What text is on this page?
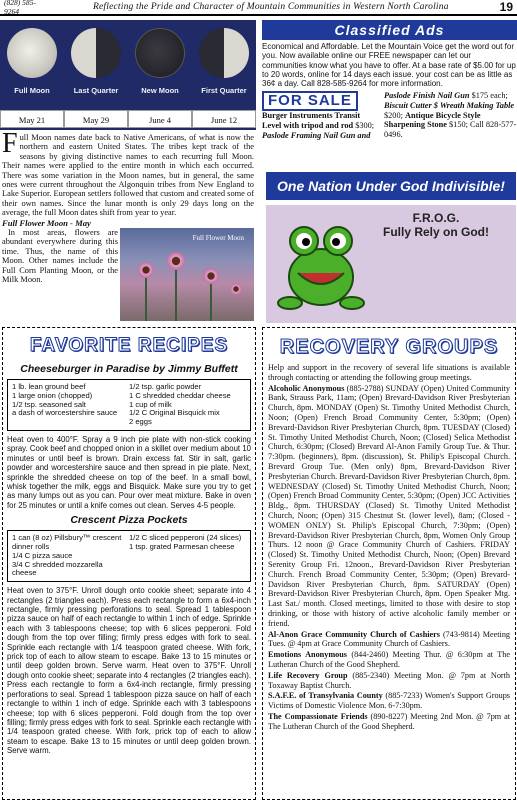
(828) 585-9264	Reflecting the Pride and Character of Mountain Communities in Western North Carolina	19
Full Moon	Last Quarter	New Moon	First Quarter
May 21	May 29	June 4	June 12
F ull Moon names date back to Native Americans, of what is now the northern and eastern United States. The tribes kept track of the seasons by giving distinctive names to each recurring full Moon. Their names were applied to the entire month in which each occurred. There was some variation in the Moon names, but in general, the same ones were current throughout the Algonquin tribes from New England to Lake Superior. European settlers followed that custom and created some of their own names. Since the lunar month is only 29 days long on the average, the full Moon dates shift from year to year.
Full Flower Moon - May
In most areas, flowers are abundant everywhere during this time. Thus, the name of this Moon. Other names include the Full Corn Planting Moon, or the Milk Moon.
Full Flower Moon
Classified Ads
Economical and Affordable. Let the Mountain Voice get the word out for you. Now available online our FREE newspaper can let our communities know what you have to offer. At a base rate of $5.00 for up to 20 words, online for 14 days each issue. your cost can be as little as 36¢ a day. Call 828-585-9264 for more information.
FOR SALE
Burger Instruments Transit Level with tripod and rod $300; Paslode Framing Nail Gun and
Paslode Finish Nail Gun $175 each; Biscuit Cutter $ Wreath Making Table $200; Antique Bicycle Style Sharpening Stone $150; Call 828-577-0496.
One Nation Under God Indivisible!
F.R.O.G.
Fully Rely on God!
FAVORITE RECIPES
Cheeseburger in Paradise by Jimmy Buffett
1 lb. lean ground beef
1 large onion (chopped)
1/2 tsp. seasoned salt
a dash of worcestershire sauce
1/2 tsp. garlic powder
1 C shredded cheddar cheese
1 cup of milk
1/2 C Original Bisquick mix
2 eggs
Heat oven to 400°F. Spray a 9 inch pie plate with non-stick cooking spray. Cook beef and chopped onion in a skillet over medium about 10 minutes or until beef is brown. Drain excess fat. Stir in salt, garlic powder and worcestershire sauce and then spread in pie plate. Next, sprinkle the shredded cheese on top of the beef. In a small bowl, whisk together the milk, eggs and Bisquick. Make sure you try to get as many lumps out as you can. Pour over meat mixture. Bake in oven for 25 minutes or until a knife comes out clean. Serves 4-5 people.
Crescent Pizza Pockets
1 can (8 oz) Pillsbury™ crescent dinner rolls
1/4 C pizza sauce
3/4 C shredded mozzarella cheese
1/2 C sliced pepperoni (24 slices)
1 tsp. grated Parmesan cheese
Heat oven to 375°F. Unroll dough onto cookie sheet; separate into 4 rectangles (2 triangles each). Press each rectangle to form a 6x4-inch rectangle, firmly pressing perforations to seal. Spread 1 tablespoon pizza sauce on half of each rectangle to within 1 inch of edge. Sprinkle each with 3 tablespoons cheese; top with 6 slices pepperoni. Fold dough from the top over filling; firmly press edges with fork to seal. Sprinkle each rectangle with 1/4 teaspoon grated cheese. With fork, prick top of each to allow steam to escape. Bake 13 to 15 minutes or until deep golden brown. Serve warm. Heat oven to 375°F. Unroll dough onto cookie sheet; separate into 4 rectangles (2 triangles each). Press each rectangle to form a 6x4-inch rectangle, firmly pressing perforations to seal. Spread 1 tablespoon pizza sauce on half of each rectangle to within 1 inch of edge. Sprinkle each with 3 tablespoons cheese; top with 6 slices pepperoni. Fold dough from the top over filling; firmly press edges with fork to seal. Sprinkle each rectangle with 1/4 teaspoon grated cheese. With fork, prick top of each to allow steam to escape. Bake 13 to 15 minutes or until deep golden brown. Serve warm.
RECOVERY GROUPS

Help and support in the recovery of several life situations is available through contacting or attending the following group meetings.

Alcoholic Anonymous (885-2788) SUNDAY (Open) United Community Bank, Strauss Park, 11am; (Open) Brevard-Davidson River Presbyterian Church, 8pm. MONDAY (Open) St. Timothy United Methodist Church, Noon; (Open) French Broad Community Center, 5:30pm; (Open) Brevard-Davidson River Presbyterian Church, 8pm. TUESDAY (Closed) St. Timothy United Methodist Church, Noon; (Closed) Selica Methodist Church, 6:30pm; (Closed) Brevard Al-Anon Family Group Tue. & Thur. 7:30pm. (beginners), 8pm. (discussion), St. Philip's Episcopal Church. Brevard Group Tue. (Men only) 8pm, Brevard-Davidson River Presbyterian Church. Brevard-Davidson River Presbyterian Church, 8pm. WEDNESDAY (Closed) St. Timothy United Methodist Church, Noon; (Open) French Broad Community Center, 5:30pm; (Open) JCC Activities Bldg., 8pm. THURSDAY (Closed) St. Timothy United Methodist Church, Noon; (Open) 315 Chestnut St. (lower level), 8am; (Closed - WOMEN ONLY) St. Philip's Episcopal Church, 7:30pm; (Open) Brevard-Davidson River Presbyterian Church, 8pm, Women Only Group Thurs. 12 noon @ Grace Community Church of Cashiers. FRIDAY (Closed) St. Timothy United Methodist Church, Noon; (Open) Brevard Serenity Group Fri. 12noon., Brevard-Davidson River Presbyterian Church. French Broad Community Center, 5:30pm; (Open) Brevard-Davidson River Presbyterian Church, 8pm. SATURDAY (Open) Brevard-Davidson River Presbyterian Church, 8pm. Open Speaker Mtg. Last Sat./ month. Closed meetings, limited to those with desire to stop drinking, or those with history of active alcoholic family member or friend.

Al-Anon Grace Community Church of Cashiers (743-9814) Meeting Tues. @ 4pm at Grace Community Church of Cashiers.

Emotions Anonymous (844-2460) Meeting Thur. @ 6:30pm at The Lutheran Church of the Good Shepherd.

Life Recovery Group (885-2340) Meeting Mon. @ 7pm at North Toxaway Baptist Church.

S.A.F.E. of Transylvania County (885-7233) Women's Support Groups Victims of Domestic Violence Mon. 6-7:30pm.

The Compassionate Friends (890-8227) Meeting 2nd Mon. @ 7pm at The Lutheran Church of the Good Shepherd.
